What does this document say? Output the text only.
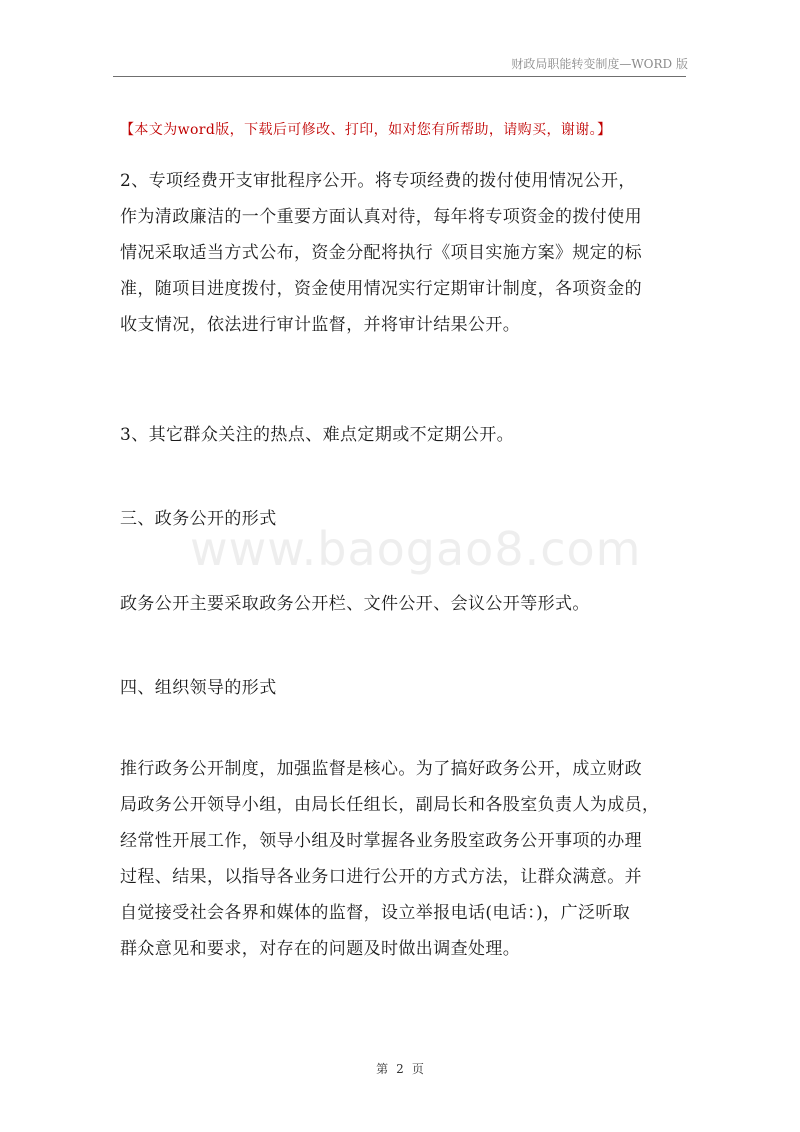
财政局职能转变制度—WORD 版
【本文为word版，下载后可修改、打印，如对您有所帮助，请购买，谢谢。】
2、专项经费开支审批程序公开。将专项经费的拨付使用情况公开，
作为清政廉洁的一个重要方面认真对待，每年将专项资金的拨付使用
情况采取适当方式公布，资金分配将执行《项目实施方案》规定的标
准，随项目进度拨付，资金使用情况实行定期审计制度，各项资金的
收支情况，依法进行审计监督，并将审计结果公开。
3、其它群众关注的热点、难点定期或不定期公开。
三、政务公开的形式
www.baogao8.com
政务公开主要采取政务公开栏、文件公开、会议公开等形式。
四、组织领导的形式
推行政务公开制度，加强监督是核心。为了搞好政务公开，成立财政
局政务公开领导小组，由局长任组长，副局长和各股室负责人为成员，
经常性开展工作，领导小组及时掌握各业务股室政务公开事项的办理
过程、结果，以指导各业务口进行公开的方式方法，让群众满意。并
自觉接受社会各界和媒体的监督，设立举报电话(电话：)，广泛听取
群众意见和要求，对存在的问题及时做出调查处理。
第 2 页
